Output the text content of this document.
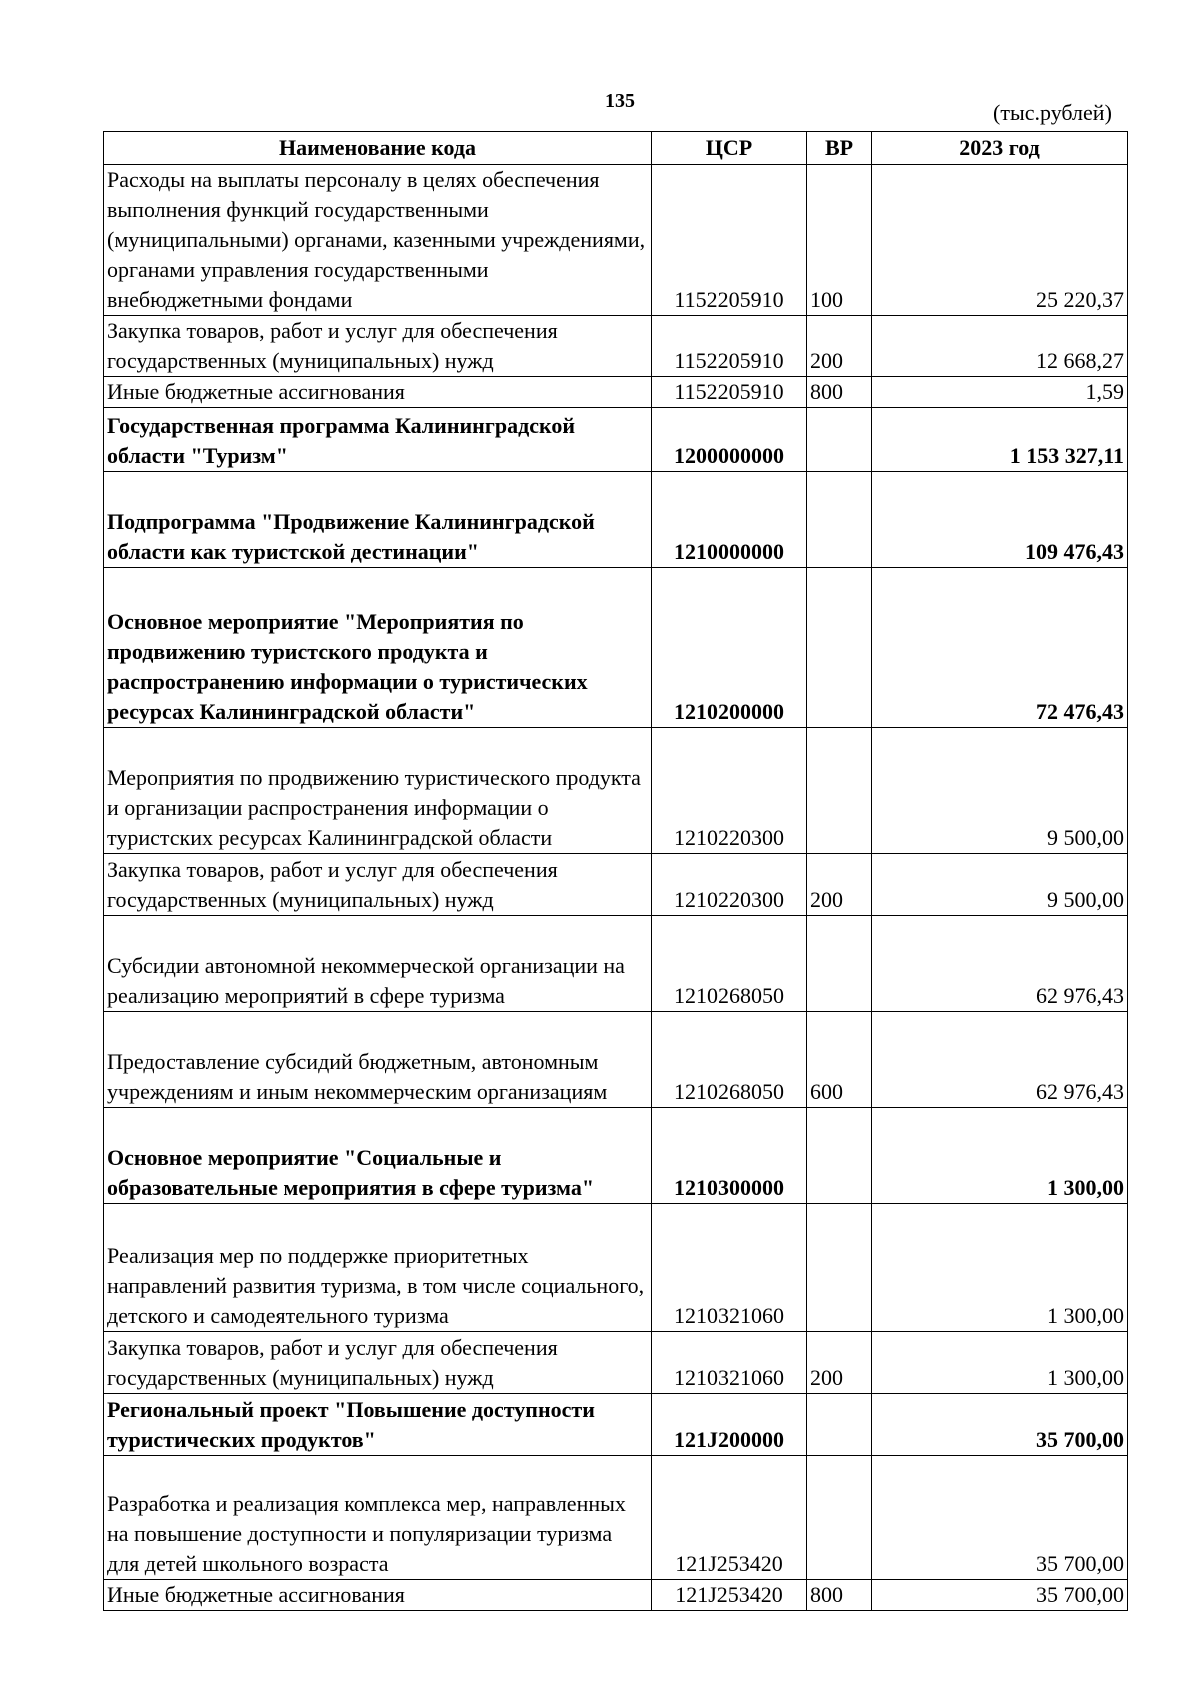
135	(тыс.рублей)
Наименование кода	ЦСР	ВР	2023 год
Расходы на выплаты персоналу в целях обеспечения выполнения функций государственными (муниципальными) органами, казенными учреждениями, органами управления государственными внебюджетными фондами	1152205910	100	25 220,37
Закупка товаров, работ и услуг для обеспечения государственных (муниципальных) нужд	1152205910	200	12 668,27
Иные бюджетные ассигнования	1152205910	800	1,59
Государственная программа Калининградской области "Туризм"	1200000000		1 153 327,11
Подпрограмма "Продвижение Калининградской области как туристской дестинации"	1210000000		109 476,43
Основное мероприятие "Мероприятия по продвижению туристского продукта и распространению информации о туристических ресурсах Калининградской области"	1210200000		72 476,43
Мероприятия по продвижению туристического продукта и организации распространения информации о туристских ресурсах Калининградской области	1210220300		9 500,00
Закупка товаров, работ и услуг для обеспечения государственных (муниципальных) нужд	1210220300	200	9 500,00
Субсидии автономной некоммерческой организации на реализацию мероприятий в сфере туризма	1210268050		62 976,43
Предоставление субсидий бюджетным, автономным учреждениям и иным некоммерческим организациям	1210268050	600	62 976,43
Основное мероприятие "Социальные и образовательные мероприятия в сфере туризма"	1210300000		1 300,00
Реализация мер по поддержке приоритетных направлений развития туризма, в том числе социального, детского и самодеятельного туризма	1210321060		1 300,00
Закупка товаров, работ и услуг для обеспечения государственных (муниципальных) нужд	1210321060	200	1 300,00
Региональный проект "Повышение доступности туристических продуктов"	121J200000		35 700,00
Разработка и реализация комплекса мер, направленных на повышение доступности и популяризации туризма для детей школьного возраста	121J253420		35 700,00
Иные бюджетные ассигнования	121J253420	800	35 700,00
